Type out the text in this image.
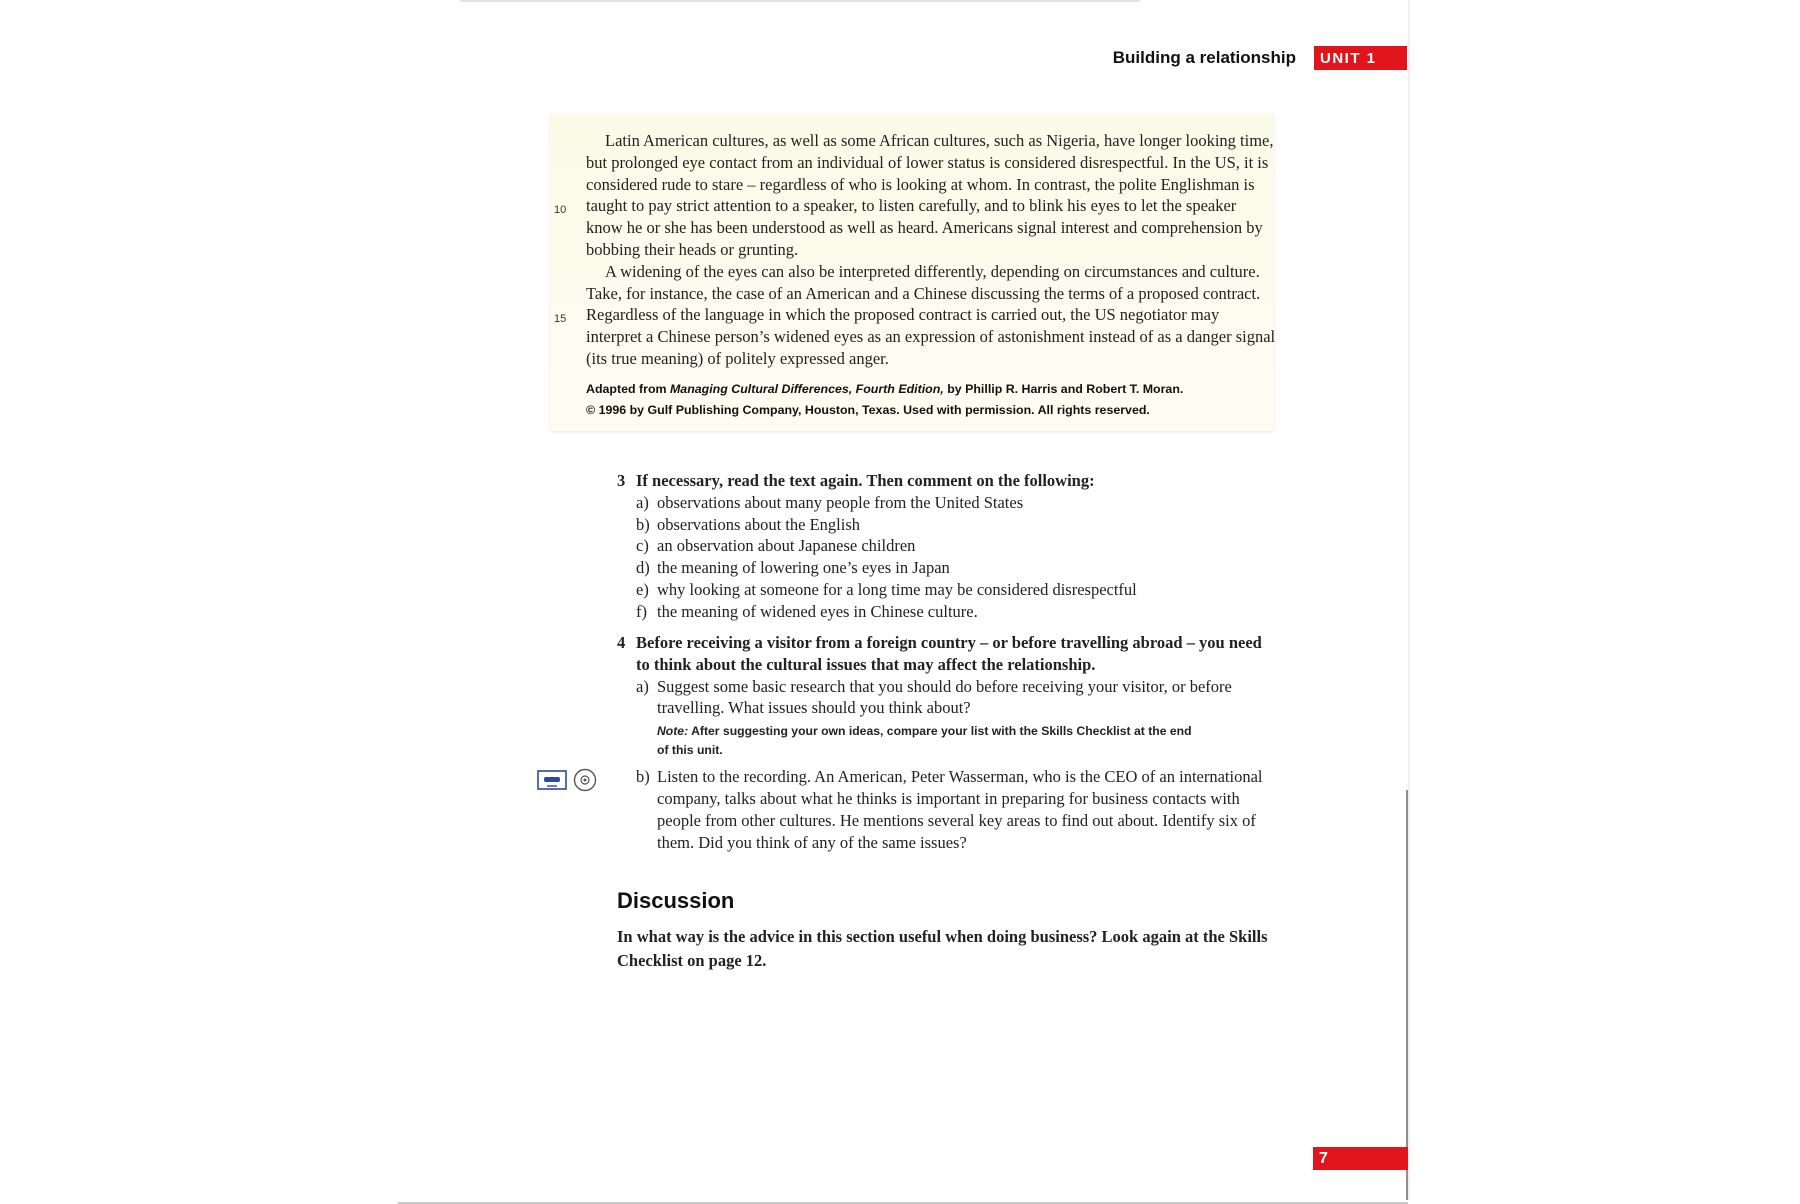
Building a relationship	UNIT 1
10
15

Latin American cultures, as well as some African cultures, such as Nigeria, have longer looking time, but prolonged eye contact from an individual of lower status is considered disrespectful. In the US, it is considered rude to stare – regardless of who is looking at whom. In contrast, the polite Englishman is taught to pay strict attention to a speaker, to listen carefully, and to blink his eyes to let the speaker know he or she has been understood as well as heard. Americans signal interest and comprehension by bobbing their heads or grunting.

A widening of the eyes can also be interpreted differently, depending on circumstances and culture. Take, for instance, the case of an American and a Chinese discussing the terms of a proposed contract. Regardless of the language in which the proposed contract is carried out, the US negotiator may interpret a Chinese person’s widened eyes as an expression of astonishment instead of as a danger signal (its true meaning) of politely expressed anger.

Adapted from Managing Cultural Differences, Fourth Edition, by Phillip R. Harris and Robert T. Moran.
© 1996 by Gulf Publishing Company, Houston, Texas. Used with permission. All rights reserved.
3 If necessary, read the text again. Then comment on the following:
a) observations about many people from the United States
b) observations about the English
c) an observation about Japanese children
d) the meaning of lowering one’s eyes in Japan
e) why looking at someone for a long time may be considered disrespectful
f) the meaning of widened eyes in Chinese culture.
4 Before receiving a visitor from a foreign country – or before travelling abroad – you need to think about the cultural issues that may affect the relationship.
a) Suggest some basic research that you should do before receiving your visitor, or before travelling. What issues should you think about?
Note: After suggesting your own ideas, compare your list with the Skills Checklist at the end of this unit.
b) Listen to the recording. An American, Peter Wasserman, who is the CEO of an international company, talks about what he thinks is important in preparing for business contacts with people from other cultures. He mentions several key areas to find out about. Identify six of them. Did you think of any of the same issues?
Discussion
In what way is the advice in this section useful when doing business? Look again at the Skills Checklist on page 12.
7
